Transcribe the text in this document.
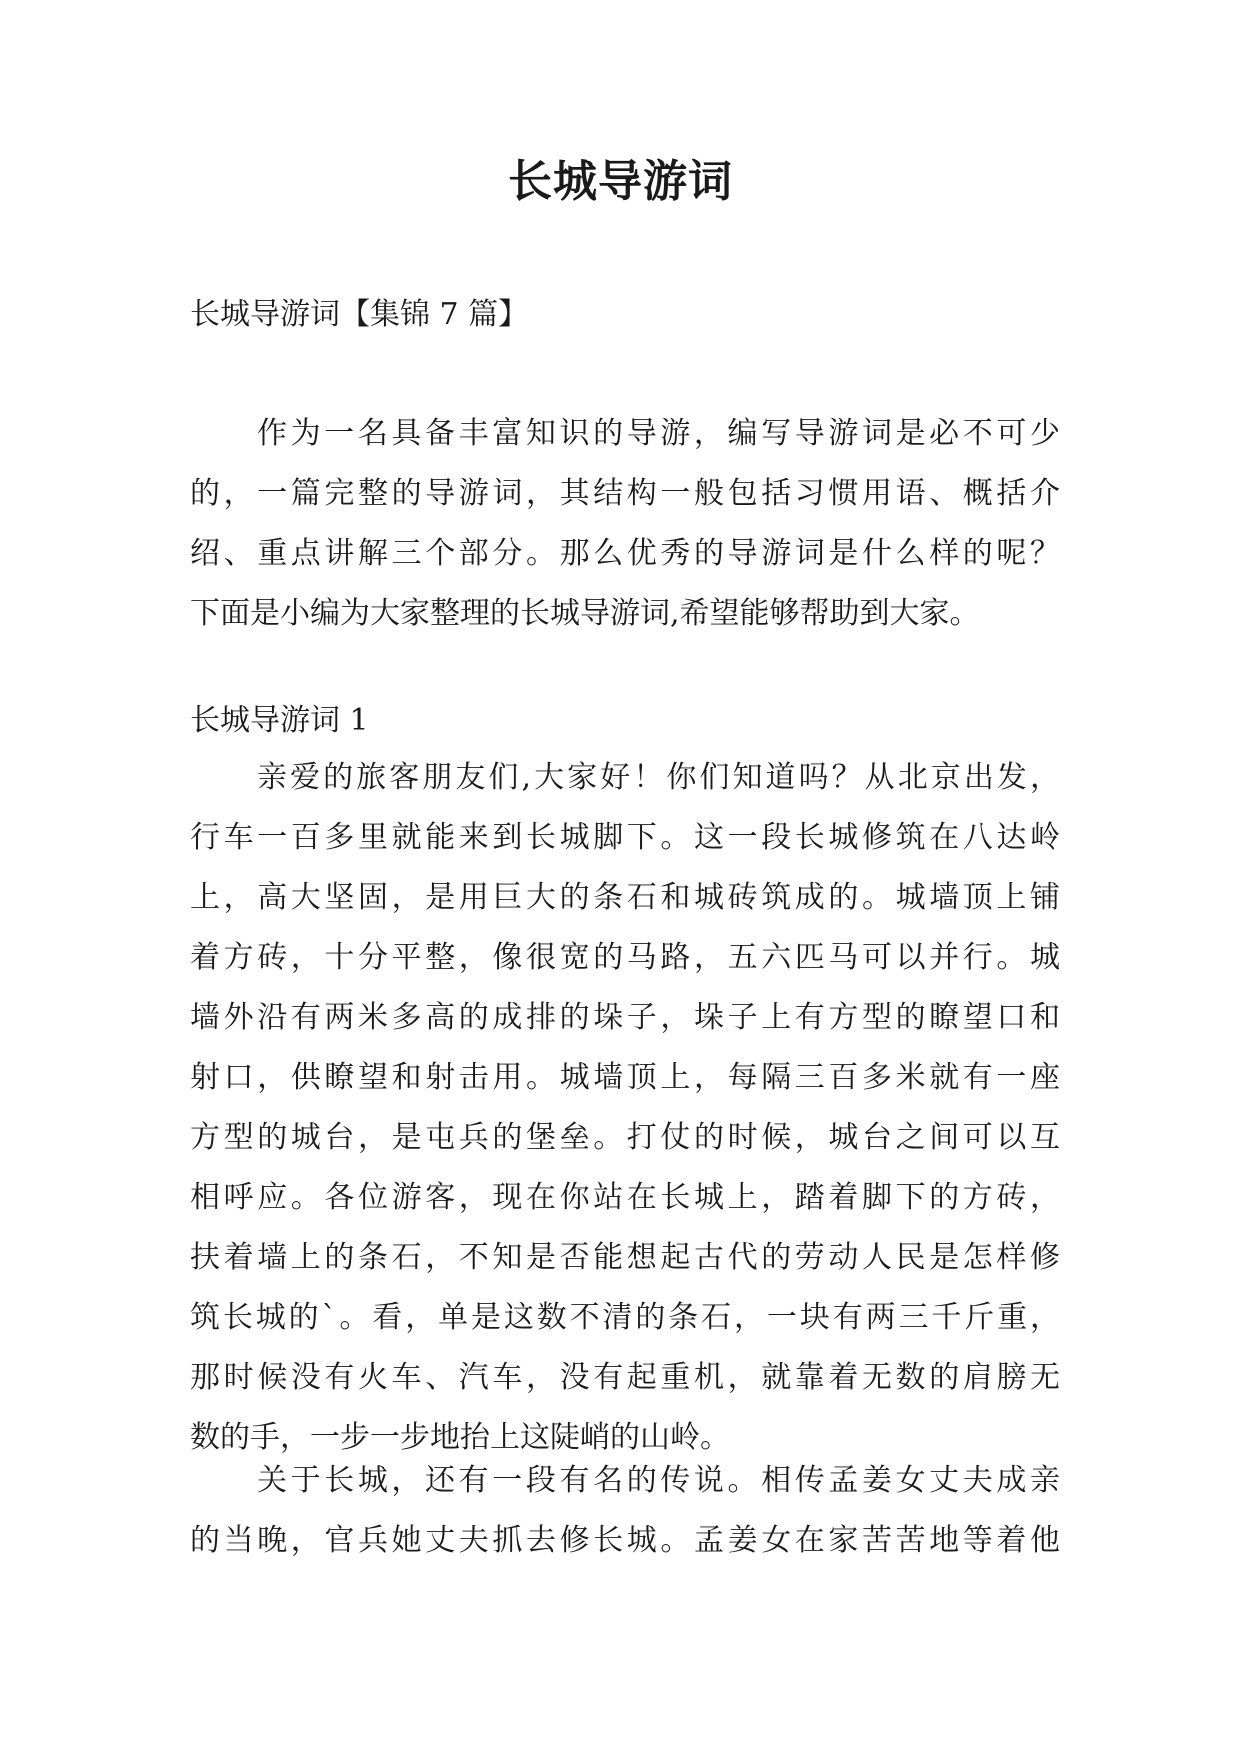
长城导游词

长城导游词【集锦 7 篇】

作为一名具备丰富知识的导游，编写导游词是必不可少
的，一篇完整的导游词，其结构一般包括习惯用语、概括介
绍、重点讲解三个部分。那么优秀的导游词是什么样的呢？
下面是小编为大家整理的长城导游词,希望能够帮助到大家。

长城导游词 1

亲爱的旅客朋友们,大家好！你们知道吗？从北京出发，
行车一百多里就能来到长城脚下。这一段长城修筑在八达岭
上，高大坚固，是用巨大的条石和城砖筑成的。城墙顶上铺
着方砖，十分平整，像很宽的马路，五六匹马可以并行。城
墙外沿有两米多高的成排的垛子，垛子上有方型的瞭望口和
射口，供瞭望和射击用。城墙顶上，每隔三百多米就有一座
方型的城台，是屯兵的堡垒。打仗的时候，城台之间可以互
相呼应。各位游客，现在你站在长城上，踏着脚下的方砖，
扶着墙上的条石，不知是否能想起古代的劳动人民是怎样修
筑长城的`。看，单是这数不清的条石，一块有两三千斤重，
那时候没有火车、汽车，没有起重机，就靠着无数的肩膀无
数的手，一步一步地抬上这陡峭的山岭。
关于长城，还有一段有名的传说。相传孟姜女丈夫成亲
的当晚，官兵她丈夫抓去修长城。孟姜女在家苦苦地等着他
